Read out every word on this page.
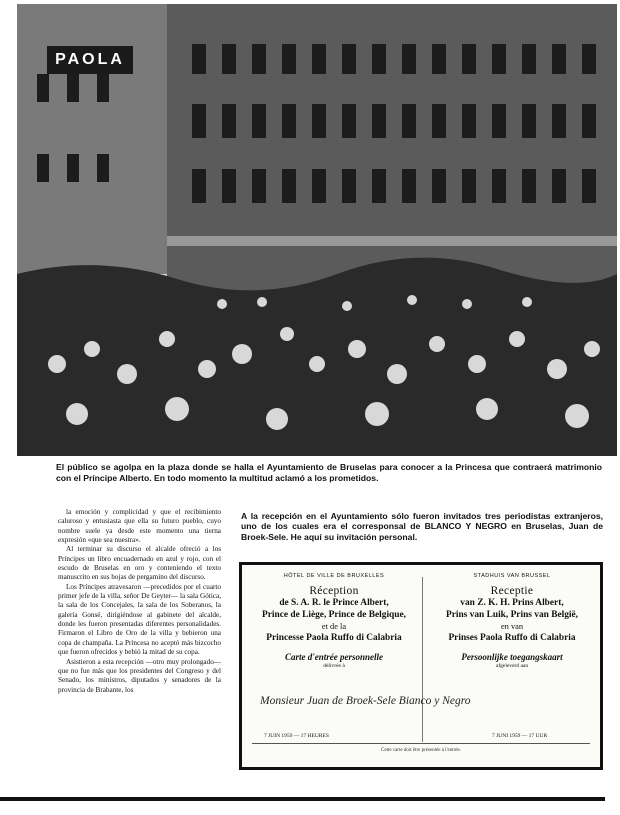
PAOLA
El público se agolpa en la plaza donde se halla el Ayuntamiento de Bruselas para conocer a la Princesa que contraerá matrimonio con el Príncipe Alberto. En todo momento la multitud aclamó a los prometidos.

la emoción y complicidad y que el recibimiento caluroso y entusiasta que ella su futuro pueblo, cuyo nombre suele ya desde este momento una tierna expresión «que sea nuestra».

Al terminar su discurso el alcalde ofreció a los Príncipes un libro encuadernado en azul y rojo, con el escudo de Bruselas en oro y conteniendo el texto manuscrito en sus hojas de pergamino del discurso.

Los Príncipes atravesaron —precedidos por el cuarto primer jefe de la villa, señor De Geyter— la sala Gótica, la sala de los Concejales, la sala de los Soberanos, la galería Gonsé, dirigiéndose al gabinete del alcalde, donde les fueron presentadas diferentes personalidades. Firmaron el Libro de Oro de la villa y bebieron una copa de champaña. La Princesa no aceptó más bizcocho que fueron ofrecidos y bebió la mitad de su copa.

Asistieron a esta recepción —otro muy prolongado— que no fue más que los presidentes del Congreso y del Senado, los ministros, diputados y senadores de la provincia de Brabante, los

A la recepción en el Ayuntamiento sólo fueron invitados tres periodistas extranjeros, uno de los cuales era el corresponsal de BLANCO Y NEGRO en Bruselas, Juan de Broek-Sele. He aquí su invitación personal.
HÔTEL DE VILLE DE BRUXELLES
Réception
de S. A. R. le Prince Albert,
Prince de Liège, Prince de Belgique,
et de la
Princesse Paola Ruffo di Calabria
Carte d'entrée personnelle
délivrée à
STADHUIS VAN BRUSSEL
Receptie
van Z. K. H. Prins Albert,
Prins van Luik, Prins van België,
en van
Prinses Paola Ruffo di Calabria
Persoonlijke toegangskaart
afgeleverd aan
Monsieur Juan de Broek-Sele Bianco y Negro
7 JUIN 1959 — 17 HEURES	7 JUNI 1959 — 17 UUR
Cette carte doit être présentée à l'entrée.
